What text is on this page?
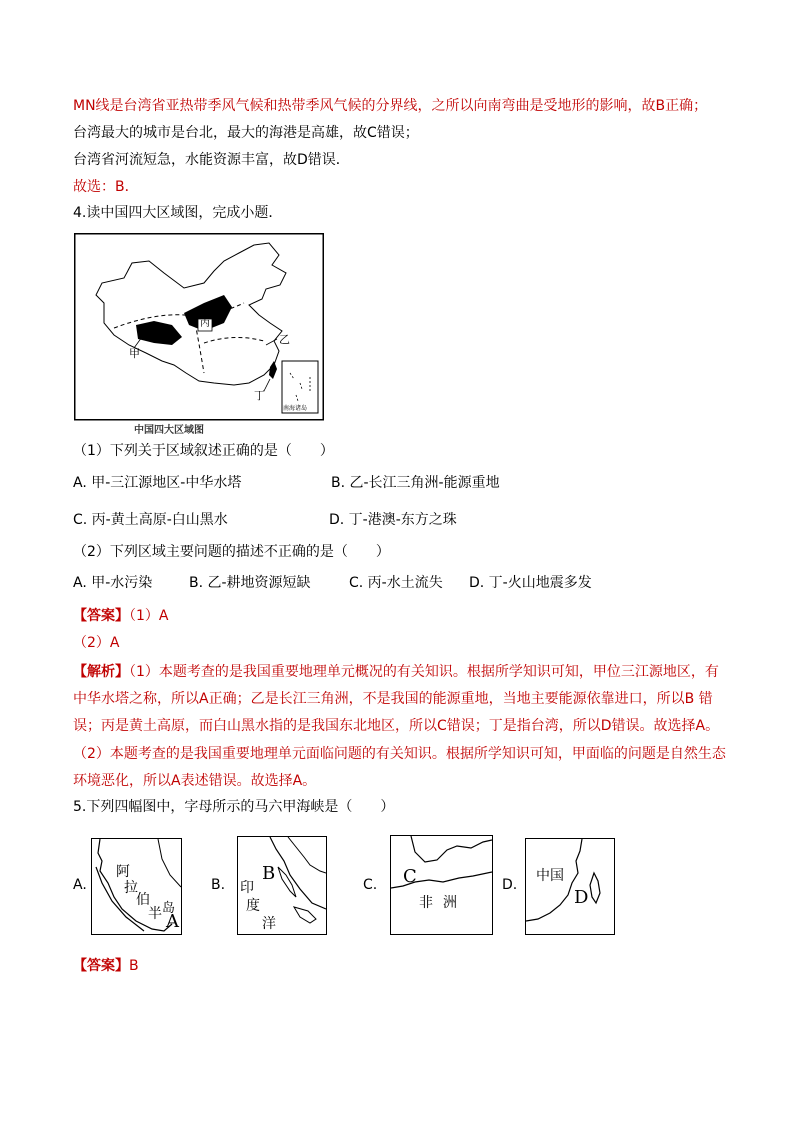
MN线是台湾省亚热带季风气候和热带季风气候的分界线，之所以向南弯曲是受地形的影响，故B正确；
台湾最大的城市是台北，最大的海港是高雄，故C错误；
台湾省河流短急，水能资源丰富，故D错误．
故选：B．
4.读中国四大区域图，完成小题．
甲
乙
丙
丁
南海诸岛
中国四大区域图
（1）下列关于区域叙述正确的是（　　）
A. 甲-三江源地区-中华水塔	B. 乙-长江三角洲-能源重地
C. 丙-黄土高原-白山黑水	D. 丁-港澳-东方之珠
（2）下列区域主要问题的描述不正确的是（　　）
A. 甲-水污染	B. 乙-耕地资源短缺	C. 丙-水土流失 D. 丁-火山地震多发
【答案】（1）A
（2）A
【解析】（1）本题考查的是我国重要地理单元概况的有关知识。根据所学知识可知，甲位三江源地区，有
中华水塔之称，所以A正确；乙是长江三角洲，不是我国的能源重地，当地主要能源依靠进口，所以B 错
误；丙是黄土高原，而白山黑水指的是我国东北地区，所以C错误；丁是指台湾，所以D错误。故选择A。
（2）本题考查的是我国重要地理单元面临问题的有关知识。根据所学知识可知，甲面临的问题是自然生态
环境恶化，所以A表述错误。故选择A。
5.下列四幅图中，字母所示的马六甲海峡是（　　）
A.
阿
拉
伯
半 岛
A
B.
B
印
度
洋
C. C
非 洲
D.
中国
D
【答案】B
